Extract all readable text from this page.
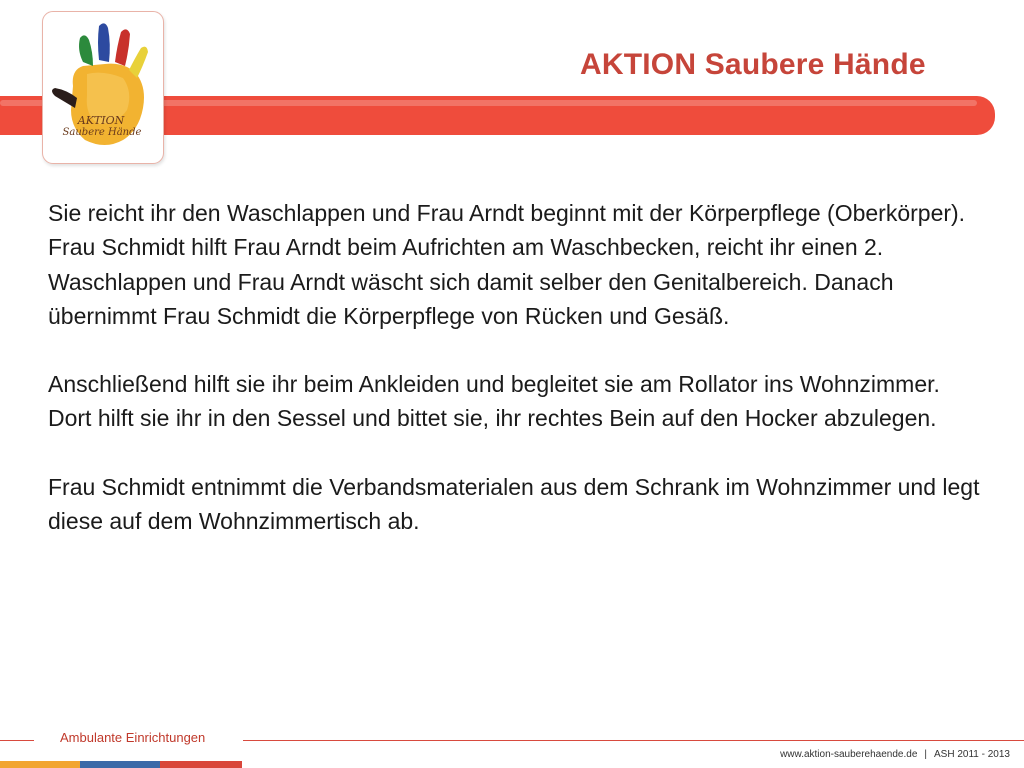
AKTION
Saubere Hände
AKTION Saubere Hände

Sie reicht ihr den Waschlappen und Frau Arndt beginnt mit der Körperpflege (Oberkörper).

Frau Schmidt hilft Frau Arndt beim Aufrichten am Waschbecken, reicht ihr einen 2. Waschlappen und Frau Arndt wäscht sich damit selber den Genitalbereich. Danach übernimmt Frau Schmidt die Körperpflege von Rücken und Gesäß.

Anschließend hilft sie ihr beim Ankleiden und begleitet sie am Rollator ins Wohnzimmer. Dort hilft sie ihr in den Sessel und bittet sie, ihr rechtes Bein auf den Hocker abzulegen.

Frau Schmidt entnimmt die Verbandsmaterialen aus dem Schrank im Wohnzimmer und legt diese auf dem Wohnzimmertisch ab.

Ambulante Einrichtungen
www.aktion-sauberehaende.de | ASH 2011 - 2013
